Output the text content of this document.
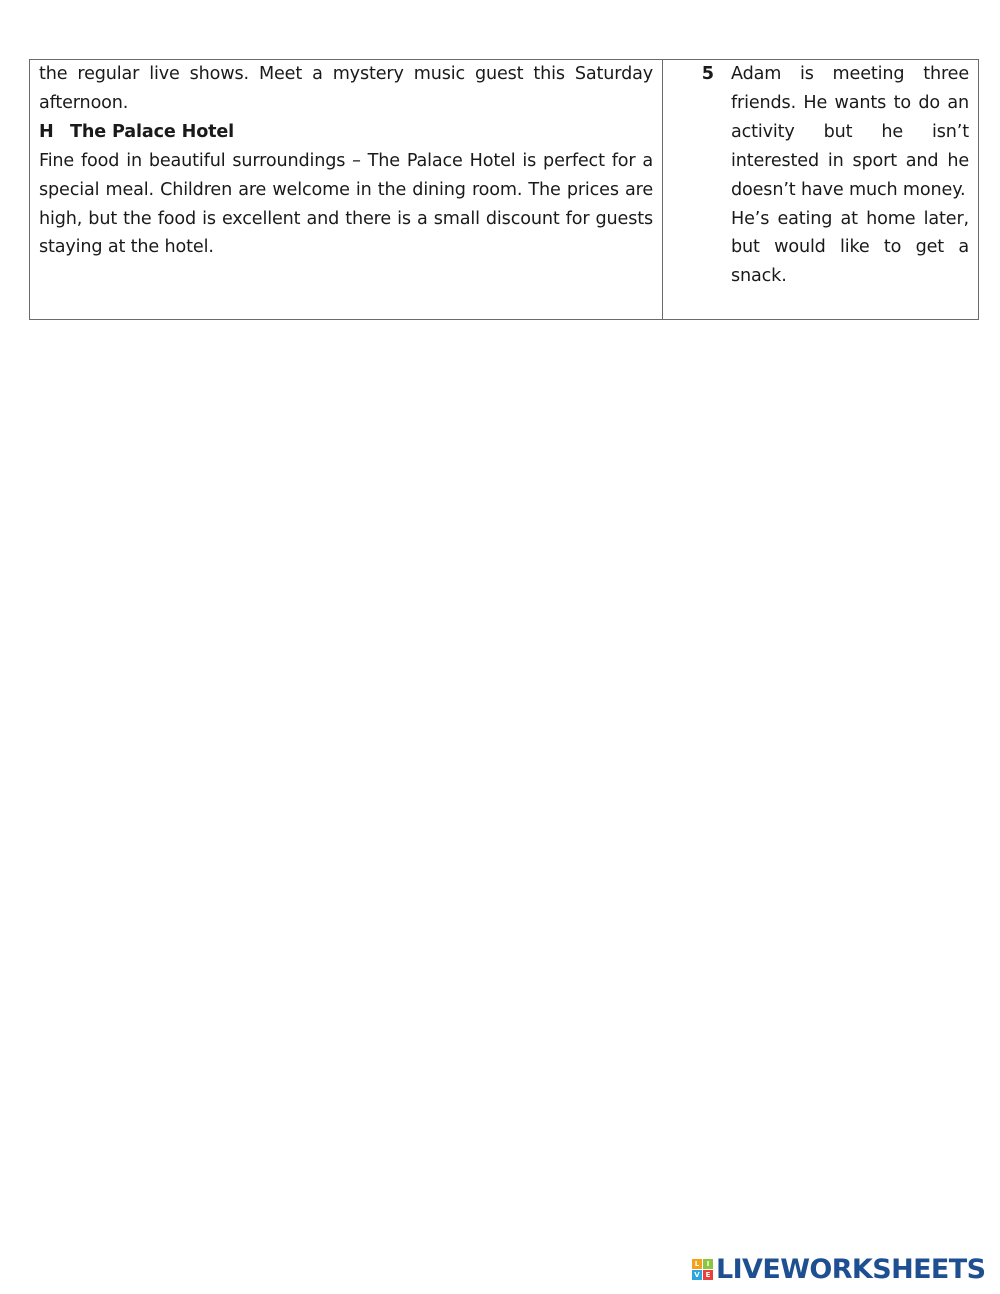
the regular live shows. Meet a mystery music guest this Saturday
afternoon.

H The Palace Hotel

Fine food in beautiful surroundings – The Palace Hotel is perfect for a
special meal. Children are welcome in the dining room. The prices are
high, but the food is excellent and there is a small discount for guests
staying at the hotel.

5 Adam is meeting three
friends. He wants to do an
activity but he isn’t
interested in sport and he
doesn’t have much money.
He’s eating at home later,
but would like to get a
snack.

L	I
V E LIVEWORKSHEETS
